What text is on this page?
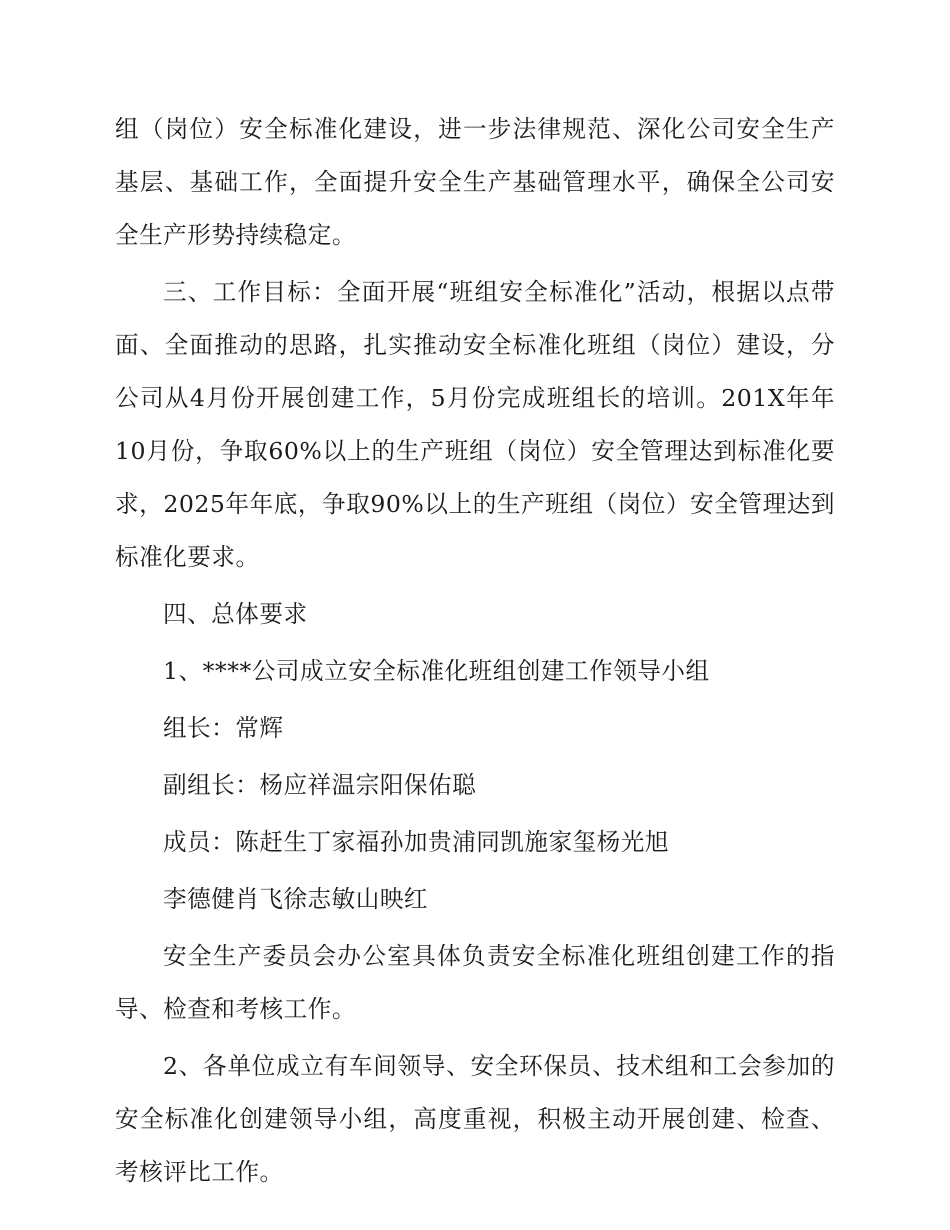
组（岗位）安全标准化建设，进一步法律规范、深化公司安全生产基层、基础工作，全面提升安全生产基础管理水平，确保全公司安全生产形势持续稳定。

三、工作目标：全面开展“班组安全标准化”活动，根据以点带面、全面推动的思路，扎实推动安全标准化班组（岗位）建设，分公司从4月份开展创建工作，5月份完成班组长的培训。201X年年10月份，争取60%以上的生产班组（岗位）安全管理达到标准化要求，2025年年底，争取90%以上的生产班组（岗位）安全管理达到标准化要求。

四、总体要求

1、****公司成立安全标准化班组创建工作领导小组

组长：常辉

副组长：杨应祥温宗阳保佑聪

成员：陈赶生丁家福孙加贵浦同凯施家玺杨光旭

李德健肖飞徐志敏山映红

安全生产委员会办公室具体负责安全标准化班组创建工作的指导、检查和考核工作。

2、各单位成立有车间领导、安全环保员、技术组和工会参加的安全标准化创建领导小组，高度重视，积极主动开展创建、检查、考核评比工作。
